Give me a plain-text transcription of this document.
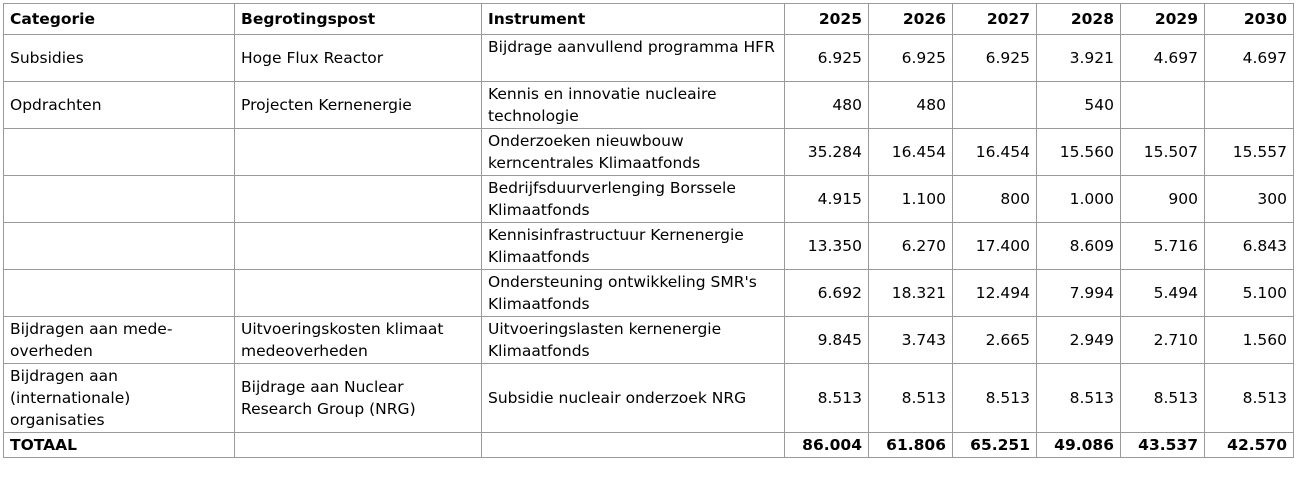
Categorie	Begrotingspost	Instrument	2025	2026	2027	2028	2029	2030
Subsidies	Hoge Flux Reactor	Bijdrage aanvullend programma HFR	6.925	6.925	6.925	3.921	4.697	4.697
Opdrachten	Projecten Kernenergie	Kennis en innovatie nucleaire technologie	480	480		540		
		Onderzoeken nieuwbouw kerncentrales Klimaatfonds	35.284	16.454	16.454	15.560	15.507	15.557
		Bedrijfsduurverlenging Borssele Klimaatfonds	4.915	1.100	800	1.000	900	300
		Kennisinfrastructuur Kernenergie Klimaatfonds	13.350	6.270	17.400	8.609	5.716	6.843
		Ondersteuning ontwikkeling SMR's Klimaatfonds	6.692	18.321	12.494	7.994	5.494	5.100
Bijdragen aan mede-overheden	Uitvoeringskosten klimaat medeoverheden	Uitvoeringslasten kernenergie Klimaatfonds	9.845	3.743	2.665	2.949	2.710	1.560
Bijdragen aan (internationale) organisaties	Bijdrage aan Nuclear Research Group (NRG)	Subsidie nucleair onderzoek NRG	8.513	8.513	8.513	8.513	8.513	8.513
TOTAAL			86.004	61.806	65.251	49.086	43.537	42.570
